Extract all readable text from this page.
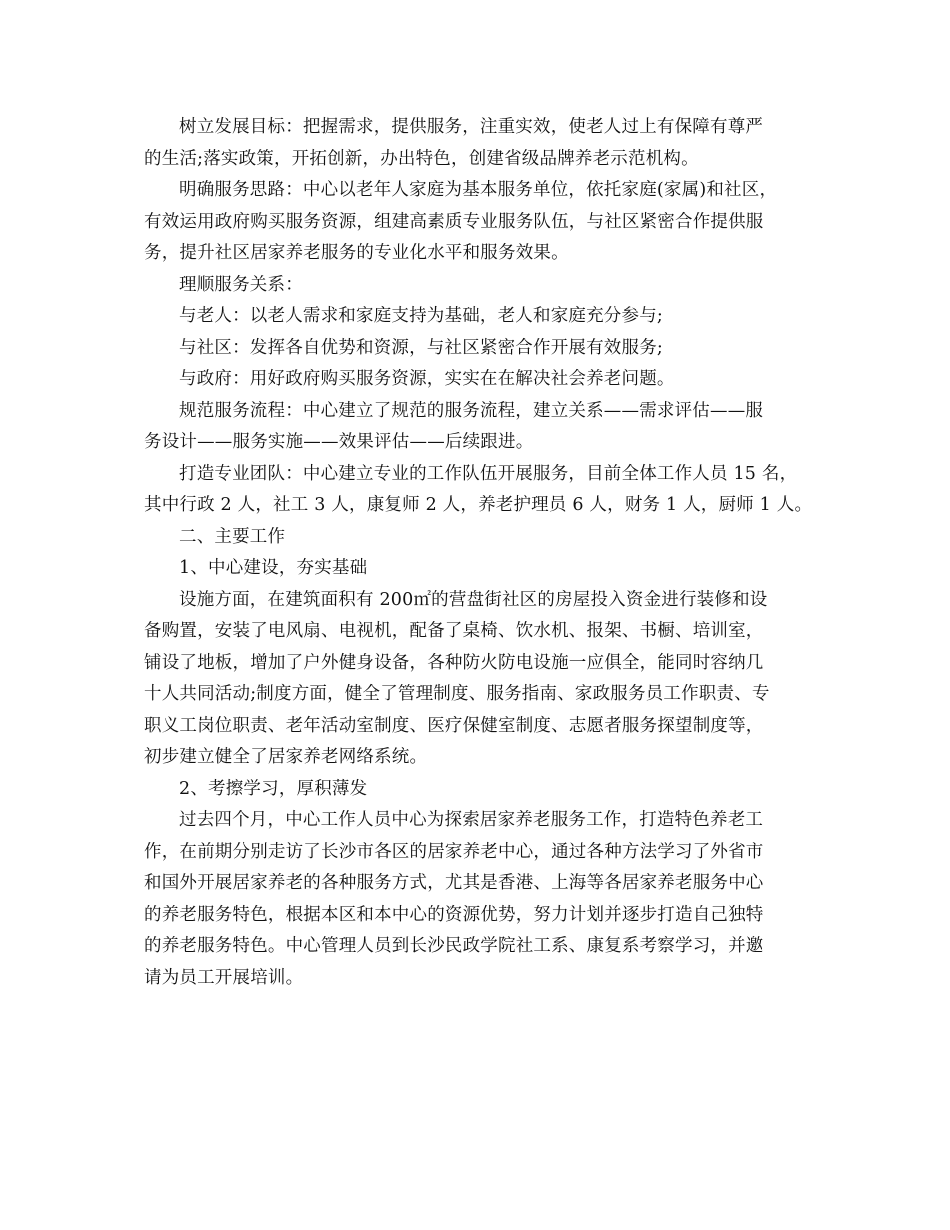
树立发展目标：把握需求，提供服务，注重实效，使老人过上有保障有尊严
的生活;落实政策，开拓创新，办出特色，创建省级品牌养老示范机构。
明确服务思路：中心以老年人家庭为基本服务单位，依托家庭(家属)和社区，
有效运用政府购买服务资源，组建高素质专业服务队伍，与社区紧密合作提供服
务，提升社区居家养老服务的专业化水平和服务效果。
理顺服务关系：
与老人：以老人需求和家庭支持为基础，老人和家庭充分参与;
与社区：发挥各自优势和资源，与社区紧密合作开展有效服务;
与政府：用好政府购买服务资源，实实在在解决社会养老问题。
规范服务流程：中心建立了规范的服务流程，建立关系——需求评估——服
务设计——服务实施——效果评估——后续跟进。
打造专业团队：中心建立专业的工作队伍开展服务，目前全体工作人员 15 名，
其中行政 2 人，社工 3 人，康复师 2 人，养老护理员 6 人，财务 1 人，厨师 1 人。
二、主要工作
1、中心建设，夯实基础
设施方面，在建筑面积有 200㎡的营盘街社区的房屋投入资金进行装修和设
备购置，安装了电风扇、电视机，配备了桌椅、饮水机、报架、书橱、培训室，
铺设了地板，增加了户外健身设备，各种防火防电设施一应俱全，能同时容纳几
十人共同活动;制度方面，健全了管理制度、服务指南、家政服务员工作职责、专
职义工岗位职责、老年活动室制度、医疗保健室制度、志愿者服务探望制度等，
初步建立健全了居家养老网络系统。
2、考擦学习，厚积薄发
过去四个月，中心工作人员中心为探索居家养老服务工作，打造特色养老工
作，在前期分别走访了长沙市各区的居家养老中心，通过各种方法学习了外省市
和国外开展居家养老的各种服务方式，尤其是香港、上海等各居家养老服务中心
的养老服务特色，根据本区和本中心的资源优势，努力计划并逐步打造自己独特
的养老服务特色。中心管理人员到长沙民政学院社工系、康复系考察学习，并邀
请为员工开展培训。
